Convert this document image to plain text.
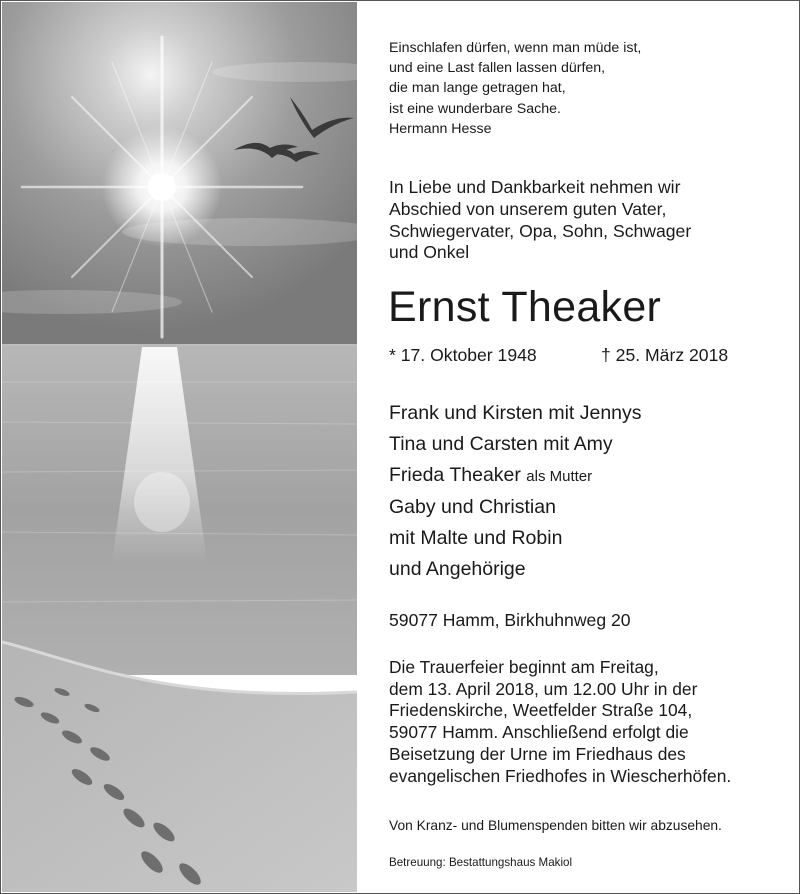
Einschlafen dürfen, wenn man müde ist,
und eine Last fallen lassen dürfen,
die man lange getragen hat,
ist eine wunderbare Sache.
Hermann Hesse
In Liebe und Dankbarkeit nehmen wir
Abschied von unserem guten Vater,
Schwiegervater, Opa, Sohn, Schwager
und Onkel
Ernst Theaker
* 17. Oktober 1948	† 25. März 2018
Frank und Kirsten mit Jennys
Tina und Carsten mit Amy
Frieda Theaker als Mutter
Gaby und Christian
mit Malte und Robin
und Angehörige
59077 Hamm, Birkhuhnweg 20
Die Trauerfeier beginnt am Freitag,
dem 13. April 2018, um 12.00 Uhr in der
Friedenskirche, Weetfelder Straße 104,
59077 Hamm. Anschließend erfolgt die
Beisetzung der Urne im Friedhaus des
evangelischen Friedhofes in Wiescherhöfen.
Von Kranz- und Blumenspenden bitten wir abzusehen.
Betreuung: Bestattungshaus Makiol
